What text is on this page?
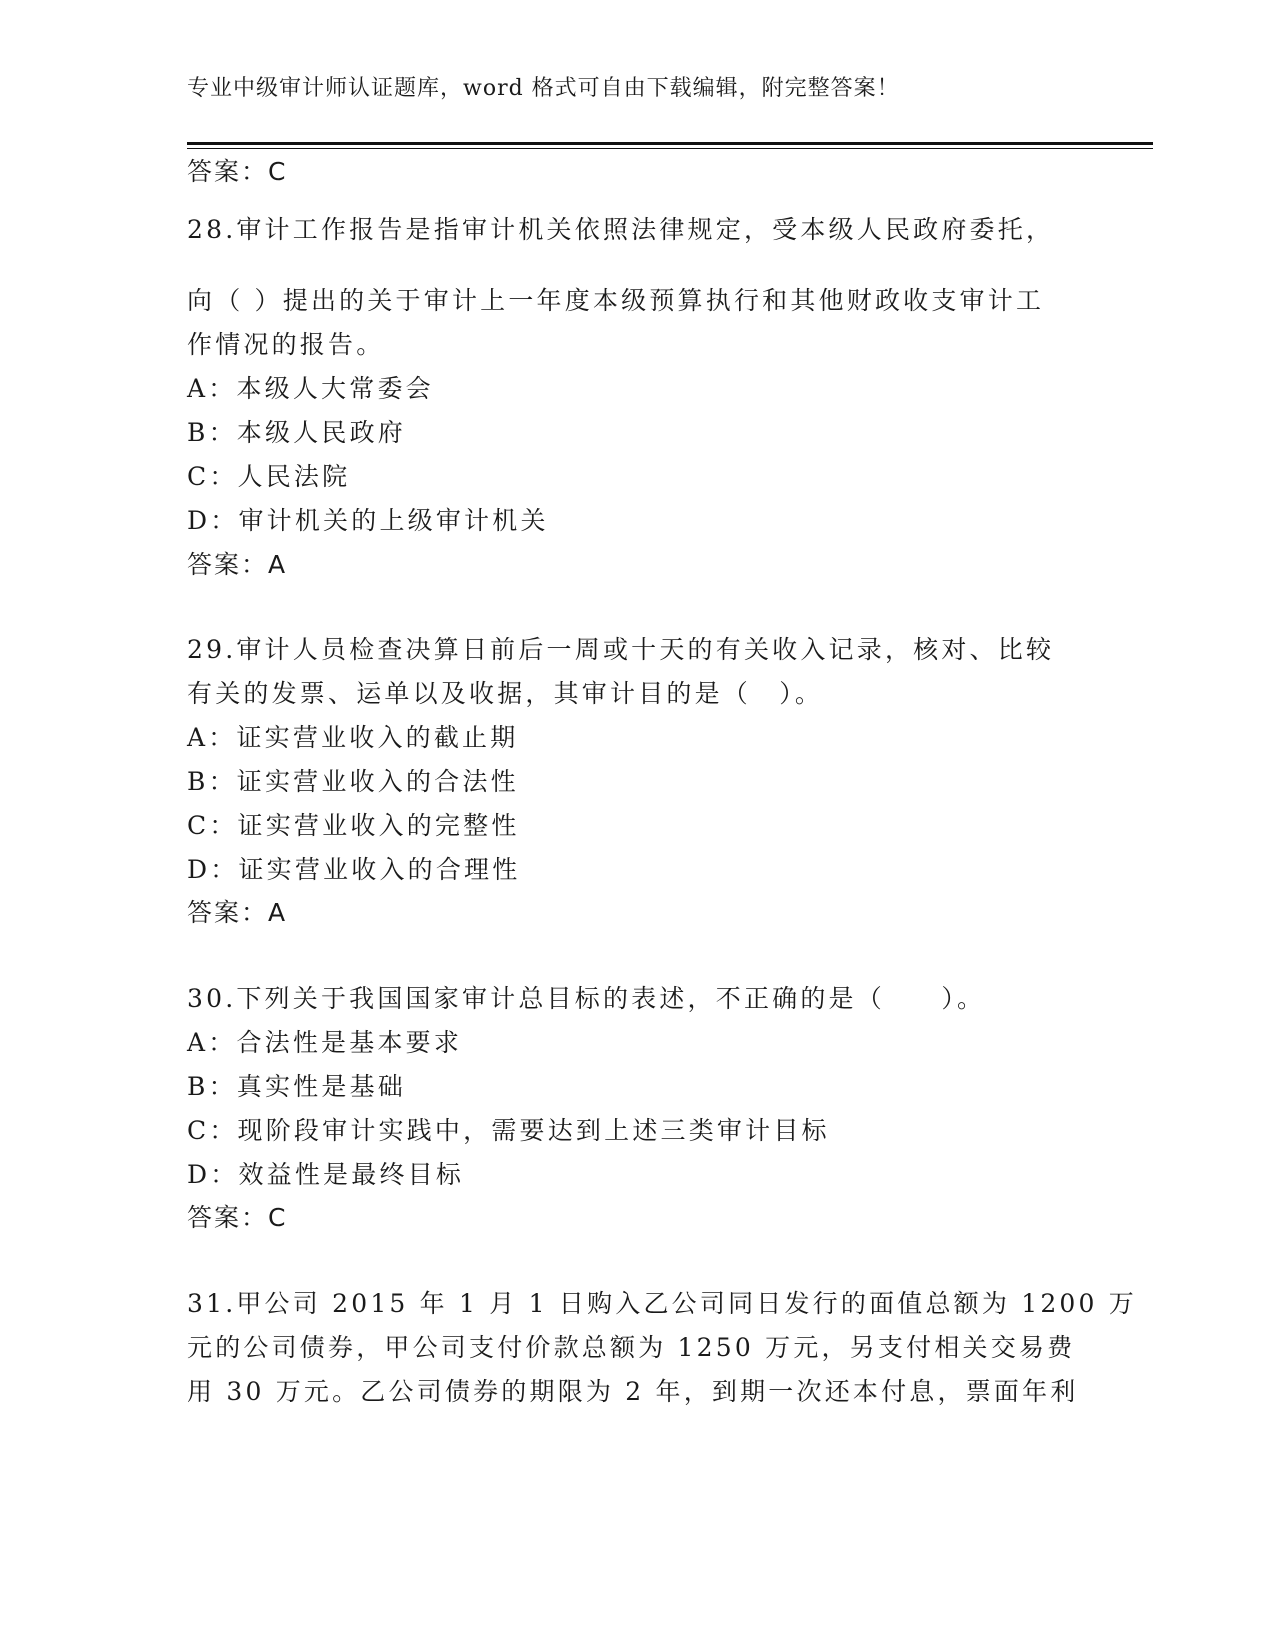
专业中级审计师认证题库，word 格式可自由下载编辑，附完整答案！
答案：C
28.审计工作报告是指审计机关依照法律规定，受本级人民政府委托，
向（ ）提出的关于审计上一年度本级预算执行和其他财政收支审计工
作情况的报告。
A：本级人大常委会
B：本级人民政府
C：人民法院
D：审计机关的上级审计机关
答案：A
29.审计人员检查决算日前后一周或十天的有关收入记录，核对、比较
有关的发票、运单以及收据，其审计目的是（　）。
A：证实营业收入的截止期
B：证实营业收入的合法性
C：证实营业收入的完整性
D：证实营业收入的合理性
答案：A
30.下列关于我国国家审计总目标的表述，不正确的是（　　）。
A：合法性是基本要求
B：真实性是基础
C：现阶段审计实践中，需要达到上述三类审计目标
D：效益性是最终目标
答案：C
31.甲公司 2015 年 1 月 1 日购入乙公司同日发行的面值总额为 1200 万
元的公司债券，甲公司支付价款总额为 1250 万元，另支付相关交易费
用 30 万元。乙公司债券的期限为 2 年，到期一次还本付息，票面年利
